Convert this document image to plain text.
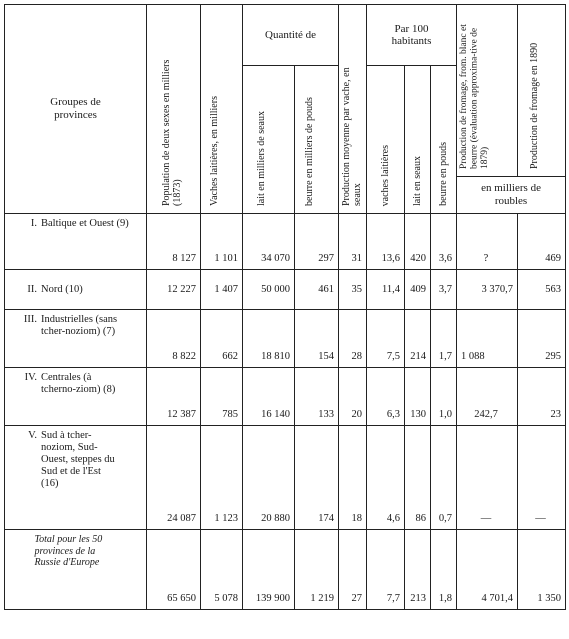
Groupes de provinces	Population de deux sexes en milliers (1873)	Vaches laitières, en milliers	Quantité de		Production moyenne par vache, en seaux	Par 100 habitants			Production de fromage, from. blanc et beurre (évaluation approxima-tive de 1879)	Production de fromage en 1890
			lait en milliers de seaux	beurre en milliers de pouds		vaches laitières	lait en seaux	beurre en pouds		
									en milliers de roubles	
I. Baltique et Ouest (9)	8 127	1 101	34 070	297	31	13,6	420	3,6	?	469
II. Nord (10)	12 227	1 407	50 000	461	35	11,4	409	3,7	3 370,7	563
III. Industrielles (sans tcher-noziom) (7)	8 822	662	18 810	154	28	7,5	214	1,7	1 088	295
IV. Centrales (à tcherno-ziom) (8)	12 387	785	16 140	133	20	6,3	130	1,0	242,7	23
V. Sud à tcher-noziom, Sud-Ouest, steppes du Sud et de l'Est (16)	24 087	1 123	20 880	174	18	4,6	86	0,7	—	—
Total pour les 50 provinces de la Russie d'Europe	65 650	5 078	139 900	1 219	27	7,7	213	1,8	4 701,4	1 350
